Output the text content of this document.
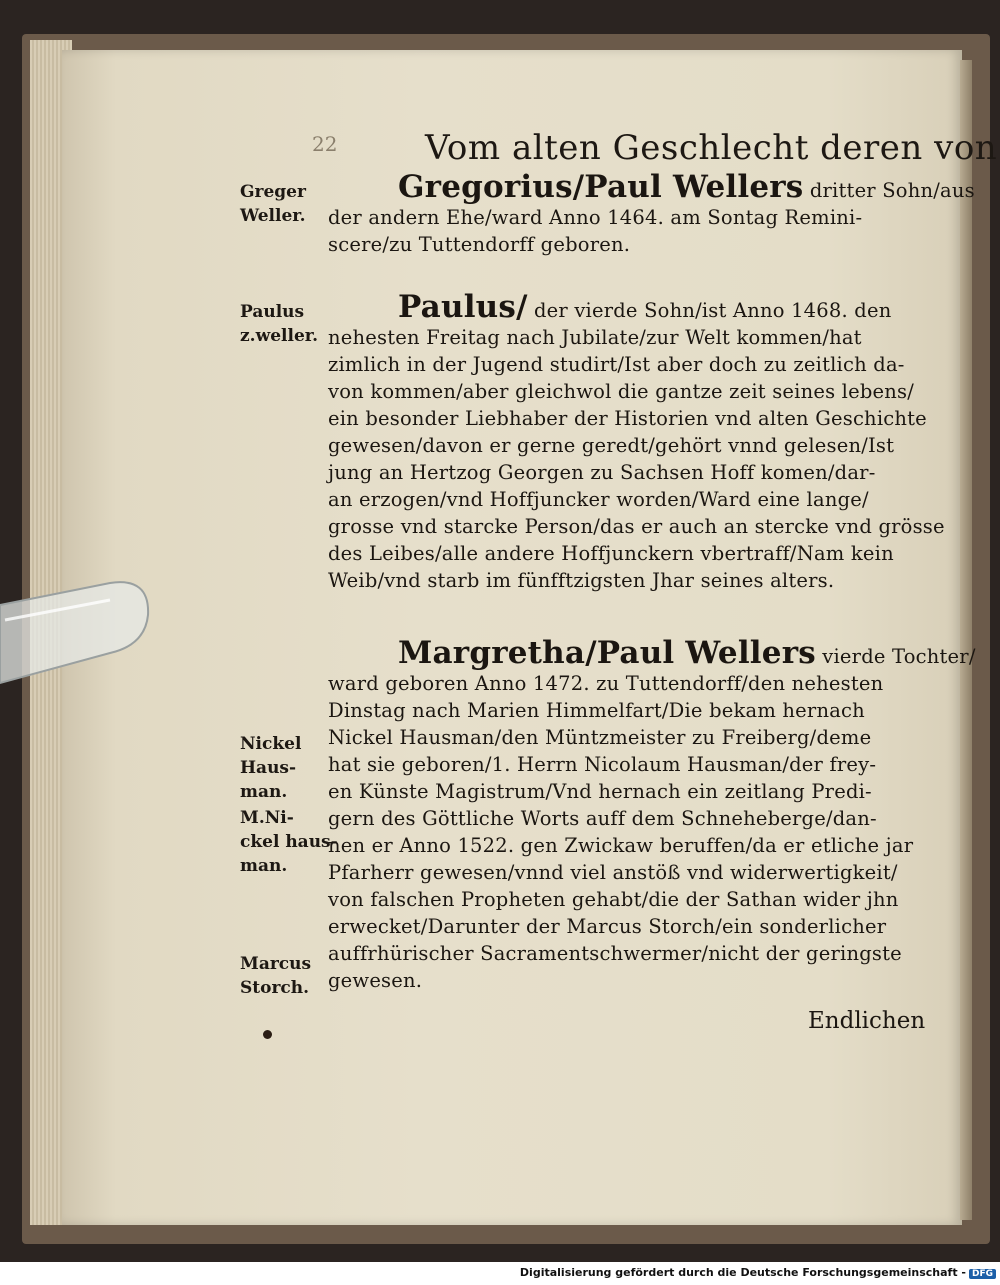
22	Vom alten Geschlecht deren von
Greger
Weller.
Paulus
z.weller.
Nickel
Haus-
man.
M.Ni-
ckel haus-
man.
Marcus
Storch.
Gregorius/Paul Wellers dritter Sohn/aus
der andern Ehe/ward Anno 1464. am Sontag Remini-
scere/zu Tuttendorff geboren.
Paulus/ der vierde Sohn/ist Anno 1468. den
nehesten Freitag nach Jubilate/zur Welt kommen/hat
zimlich in der Jugend studirt/Ist aber doch zu zeitlich da-
von kommen/aber gleichwol die gantze zeit seines lebens/
ein besonder Liebhaber der Historien vnd alten Geschichte
gewesen/davon er gerne geredt/gehört vnnd gelesen/Ist
jung an Hertzog Georgen zu Sachsen Hoff komen/dar-
an erzogen/vnd Hoffjuncker worden/Ward eine lange/
grosse vnd starcke Person/das er auch an stercke vnd grösse
des Leibes/alle andere Hoffjunckern vbertraff/Nam kein
Weib/vnd starb im fünfftzigsten Jhar seines alters.
Margretha/Paul Wellers vierde Tochter/
ward geboren Anno 1472. zu Tuttendorff/den nehesten
Dinstag nach Marien Himmelfart/Die bekam hernach
Nickel Hausman/den Müntzmeister zu Freiberg/deme
hat sie geboren/1. Herrn Nicolaum Hausman/der frey-
en Künste Magistrum/Vnd hernach ein zeitlang Predi-
gern des Göttliche Worts auff dem Schneheberge/dan-
nen er Anno 1522. gen Zwickaw beruffen/da er etliche jar
Pfarherr gewesen/vnnd viel anstöß vnd widerwertigkeit/
von falschen Propheten gehabt/die der Sathan wider jhn
erwecket/Darunter der Marcus Storch/ein sonderlicher
auffrhürischer Sacramentschwermer/nicht der geringste
gewesen.
Endlichen
Digitalisierung gefördert durch die Deutsche Forschungsgemeinschaft - DFG
